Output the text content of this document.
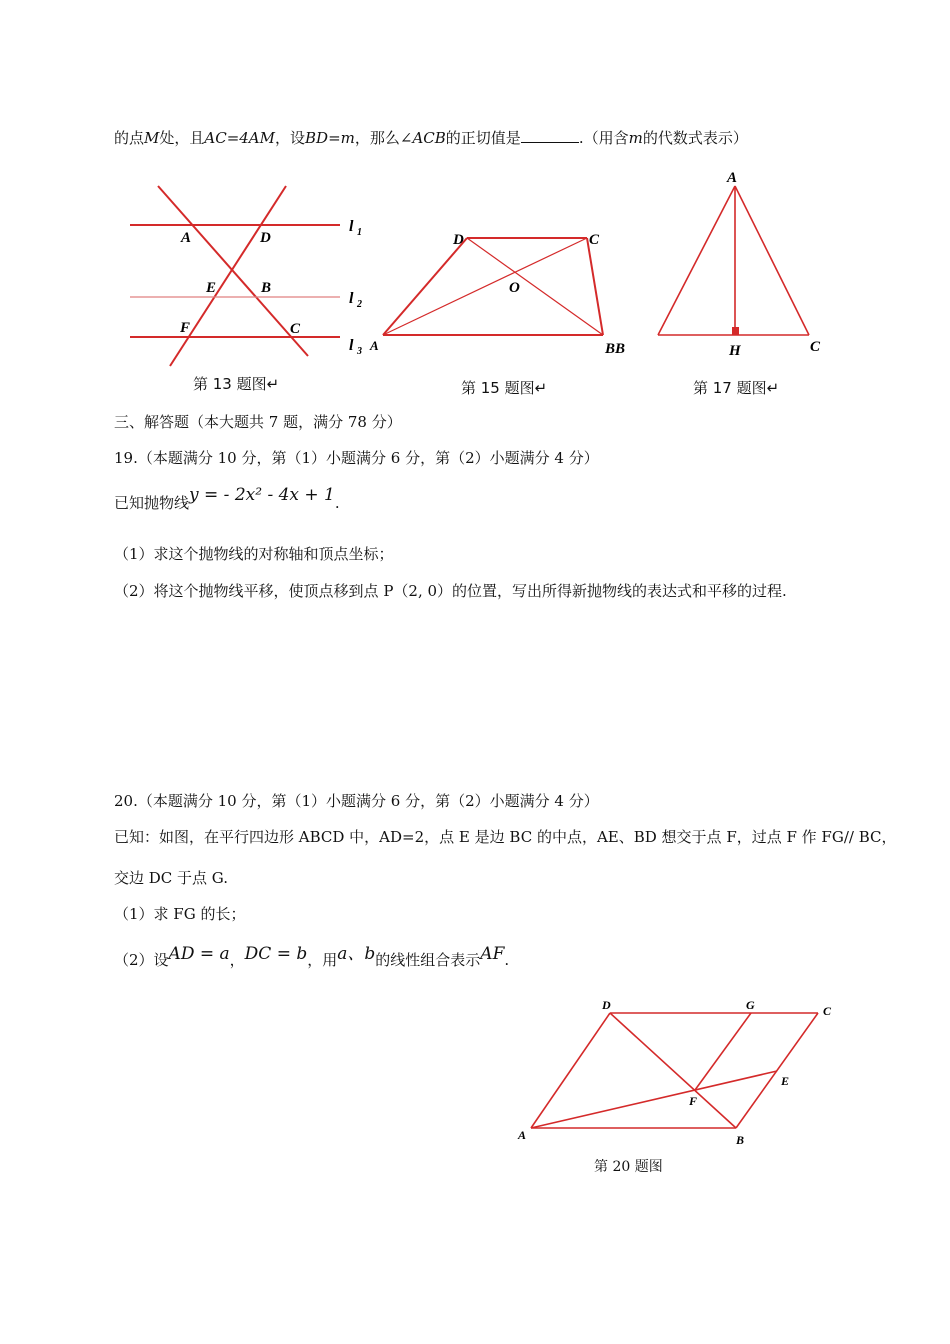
的点M处，且AC=4AM，设BD=m，那么∠ACB的正切值是	.（用含m的代数式表示）
A	D
E	B
F	C
l 1
l 2
l 3
第 13 题图↵
D	C
O
A	BB
第 15 题图↵
A
H	C
第 17 题图↵
三、解答题（本大题共 7 题，满分 78 分）
19.（本题满分 10 分，第（1）小题满分 6 分，第（2）小题满分 4 分）
已知抛物线y = - 2x² - 4x + 1.
（1）求这个抛物线的对称轴和顶点坐标；
（2）将这个抛物线平移，使顶点移到点 P（2, 0）的位置，写出所得新抛物线的表达式和平移的过程.
20.（本题满分 10 分，第（1）小题满分 6 分，第（2）小题满分 4 分）
已知：如图，在平行四边形 ABCD 中，AD=2，点 E 是边 BC 的中点，AE、BD 想交于点 F，过点 F 作 FG// BC，
交边 DC 于点 G.
（1）求 FG 的长；
（2）设AD = a，DC = b，用a、b的线性组合表示AF.
D	G	C
E
F
A	B
第 20 题图
